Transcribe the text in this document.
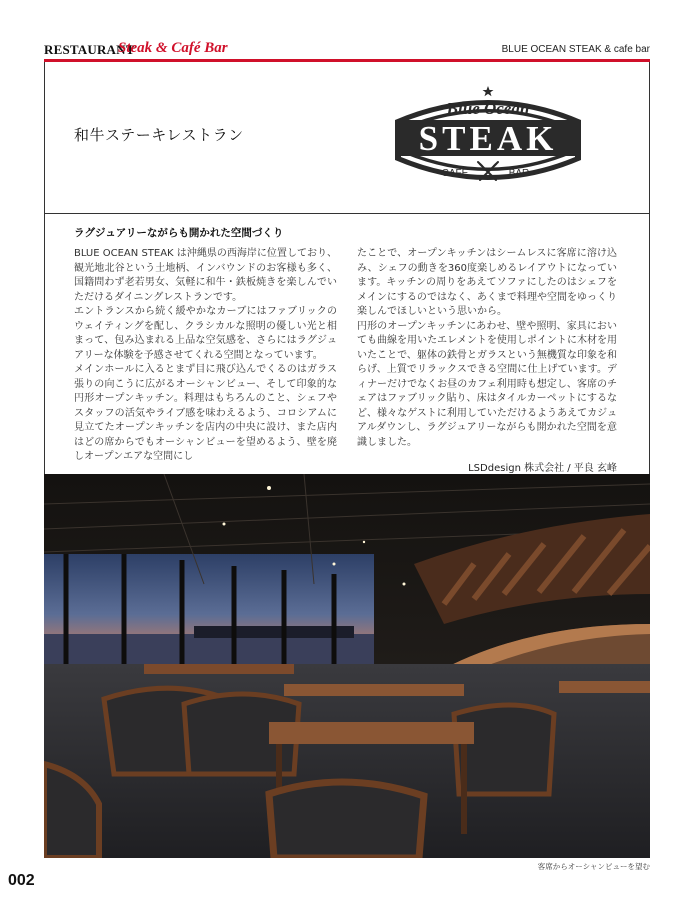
RESTAURANT
Steak & Café Bar	BLUE OCEAN STEAK & cafe bar
和牛ステーキレストラン
Blue Ocean
STEAK
CAFE	BAR
ラグジュアリーながらも開かれた空間づくり

BLUE OCEAN STEAK は沖縄県の西海岸に位置しており、観光地北谷という土地柄、インバウンドのお客様も多く、国籍問わず老若男女、気軽に和牛・鉄板焼きを楽しんでいただけるダイニングレストランです。

エントランスから続く緩やかなカーブにはファブリックのウェイティングを配し、クラシカルな照明の優しい光と相まって、包み込まれる上品な空気感を、さらにはラグジュアリーな体験を予感させてくれる空間となっています。

メインホールに入るとまず目に飛び込んでくるのはガラス張りの向こうに広がるオーシャンビュー、そして印象的な円形オープンキッチン。料理はもちろんのこと、シェフやスタッフの活気やライブ感を味わえるよう、コロシアムに見立てたオープンキッチンを店内の中央に設け、また店内はどの席からでもオーシャンビューを望めるよう、壁を廃しオープンエアな空間にし

たことで、オープンキッチンはシームレスに客席に溶け込み、シェフの動きを360度楽しめるレイアウトになっています。キッチンの周りをあえてソファにしたのはシェフをメインにするのではなく、あくまで料理や空間をゆっくり楽しんでほしいという思いから。

円形のオープンキッチンにあわせ、壁や照明、家具においても曲線を用いたエレメントを使用しポイントに木材を用いたことで、躯体の鉄骨とガラスという無機質な印象を和らげ、上質でリラックスできる空間に仕上げています。ディナーだけでなくお昼のカフェ利用時も想定し、客席のチェアはファブリック貼り、床はタイルカーペットにするなど、様々なゲストに利用していただけるようあえてカジュアルダウンし、ラグジュアリーながらも開かれた空間を意識しました。

LSDdesign 株式会社 / 平良 玄峰
客席からオーシャンビューを望む
002
